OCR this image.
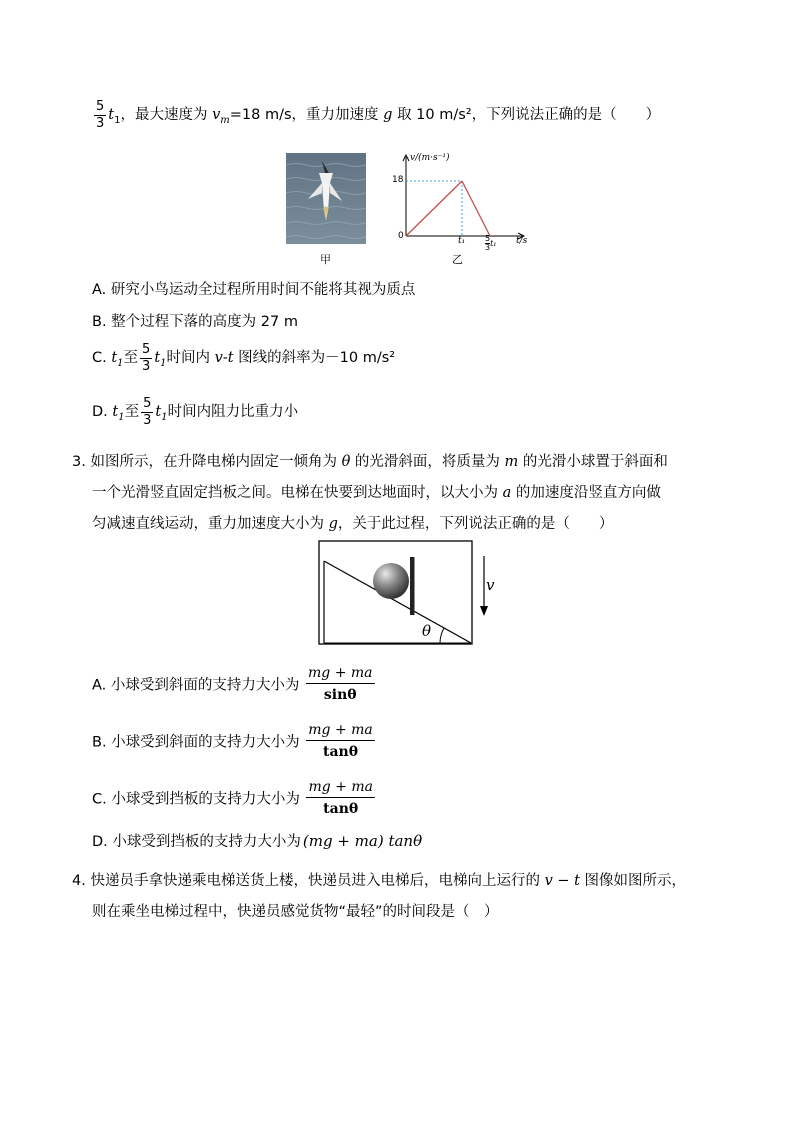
$\frac{5}{3} t_1$，最大速度为 $v_m=18$ m/s，重力加速度 g 取 10 m/s²，下列说法正确的是（　　）
甲
v/(m·s⁻¹)
18
0	$t_1 \frac{5}{3} t_1$ t/s
乙
A. 研究小鸟运动全过程所用时间不能将其视为质点
B. 整个过程下落的高度为 27 m
C. $t_1$至 $\frac{5}{3} t_1$时间内 v-t 图线的斜率为－10 m/s²
D. $t_1$至 $\frac{5}{3} t_1$时间内阻力比重力小
3. 如图所示，在升降电梯内固定一倾角为 θ 的光滑斜面，将质量为 m 的光滑小球置于斜面和
一个光滑竖直固定挡板之间。电梯在快要到达地面时，以大小为 a 的加速度沿竖直方向做
匀减速直线运动，重力加速度大小为 g，关于此过程，下列说法正确的是（　　）
v
θ
A. 小球受到斜面的支持力大小为 $\frac{mg + ma}{\sin\theta}$
B. 小球受到斜面的支持力大小为 $\frac{mg + ma}{\tan\theta}$
C. 小球受到挡板的支持力大小为 $\frac{mg + ma}{\tan\theta}$
D. 小球受到挡板的支持力大小为 (mg + ma) tanθ
4. 快递员手拿快递乘电梯送货上楼，快递员进入电梯后，电梯向上运行的 v − t 图像如图所示，
则在乘坐电梯过程中，快递员感觉货物“最轻”的时间段是（　）
